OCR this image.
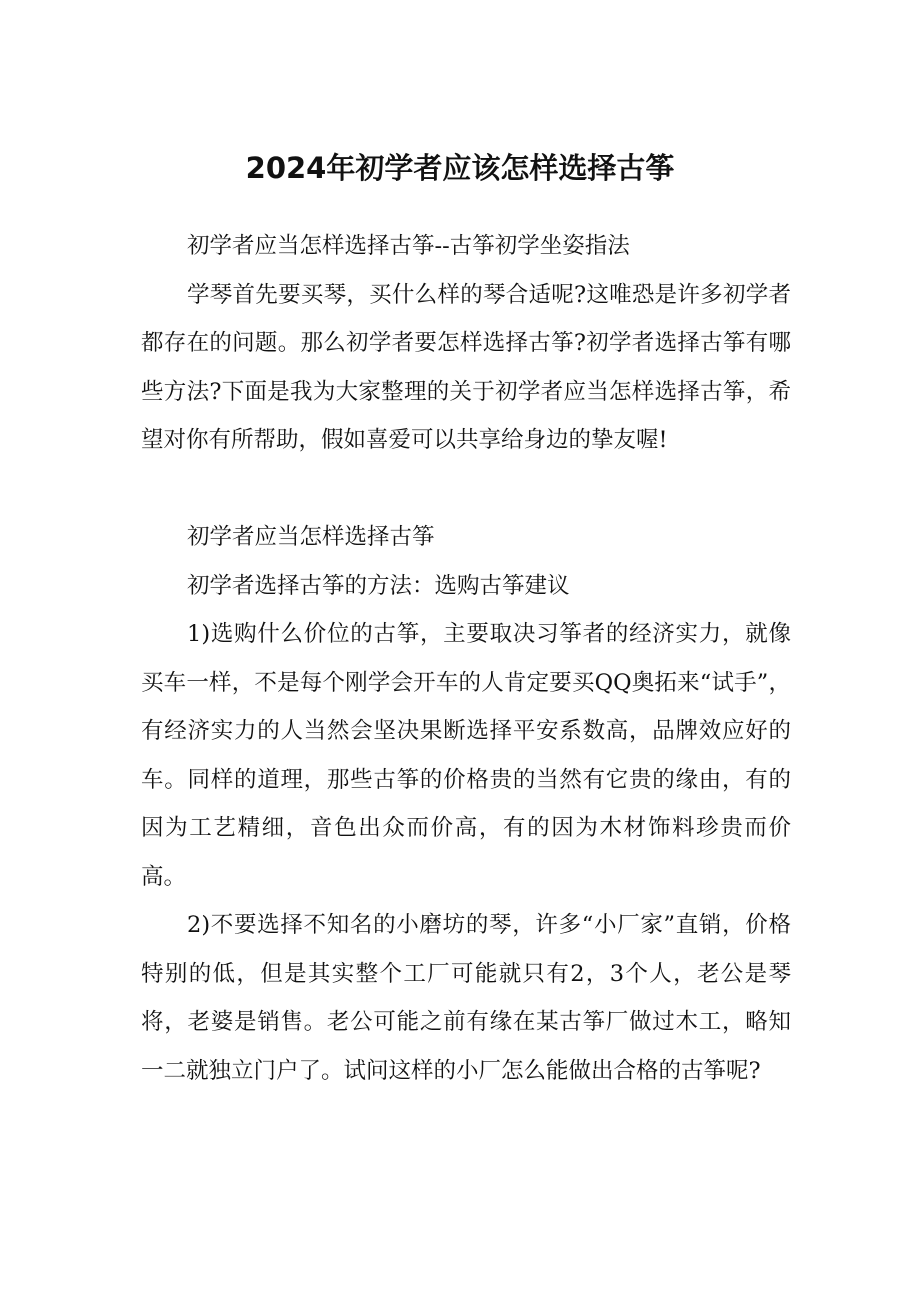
2024年初学者应该怎样选择古筝

初学者应当怎样选择古筝--古筝初学坐姿指法

学琴首先要买琴，买什么样的琴合适呢?这唯恐是许多初学者都存在的问题。那么初学者要怎样选择古筝?初学者选择古筝有哪些方法?下面是我为大家整理的关于初学者应当怎样选择古筝，希望对你有所帮助，假如喜爱可以共享给身边的挚友喔!

初学者应当怎样选择古筝

初学者选择古筝的方法：选购古筝建议

1)选购什么价位的古筝，主要取决习筝者的经济实力，就像买车一样，不是每个刚学会开车的人肯定要买QQ奥拓来“试手”，有经济实力的人当然会坚决果断选择平安系数高，品牌效应好的车。同样的道理，那些古筝的价格贵的当然有它贵的缘由，有的因为工艺精细，音色出众而价高，有的因为木材饰料珍贵而价高。

2)不要选择不知名的小磨坊的琴，许多“小厂家”直销，价格特别的低，但是其实整个工厂可能就只有2，3个人，老公是琴将，老婆是销售。老公可能之前有缘在某古筝厂做过木工，略知一二就独立门户了。试问这样的小厂怎么能做出合格的古筝呢?
